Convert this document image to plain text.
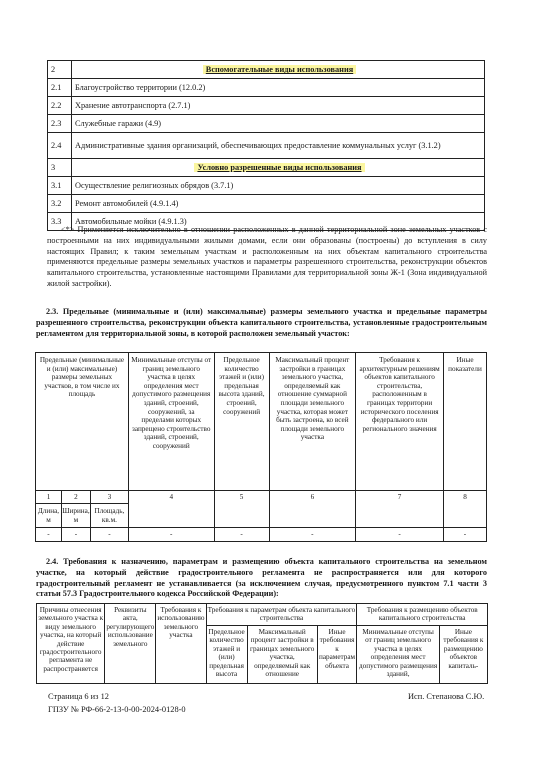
2	Вспомогательные виды использования
2.1	Благоустройство территории (12.0.2)
2.2	Хранение автотранспорта (2.7.1)
2.3	Служебные гаражи (4.9)
2.4	Административные здания организаций, обеспечивающих предоставление коммунальных услуг (3.1.2)
3	Условно разрешенные виды использования
3.1	Осуществление религиозных обрядов (3.7.1)
3.2	Ремонт автомобилей (4.9.1.4)
3.3	Автомобильные мойки (4.9.1.3)
<*> Применяется исключительно в отношении расположенных в данной территориальной зоне земельных участков с построенными на них индивидуальными жилыми домами, если они образованы (построены) до вступления в силу настоящих Правил; к таким земельным участкам и расположенным на них объектам капитального строительства применяются предельные размеры земельных участков и параметры разрешенного строительства, реконструкции объектов капитального строительства, установленные настоящими Правилами для территориальной зоны Ж-1 (Зона индивидуальной жилой застройки).
2.3. Предельные (минимальные и (или) максимальные) размеры земельного участка и предельные параметры разрешенного строительства, реконструкции объекта капитального строительства, установленные градостроительным регламентом для территориальной зоны, в которой расположен земельный участок:
Предельные (минимальные и (или) максимальные) размеры земельных участков, в том числе их площадь			Минимальные отступы от границ земельного участка в целях определения мест допустимого размещения зданий, строений, сооружений, за пределами которых запрещено строительство зданий, строений, сооружений	Предельное количество этажей и (или) предельная высота зданий, строений, сооружений	Максимальный процент застройки в границах земельного участка, определяемый как отношение суммарной площади земельного участка, которая может быть застроена, ко всей площади земельного участка	Требования к архитектурным решениям объектов капитального строительства, расположенным в границах территории исторического поселения федерального или регионального значения	Иные показатели
1	2	3	4	5	6	7	8
Длина, м	Ширина, м	Площадь, кв.м.					
-	-	-	-	-	-	-	-
2.4. Требования к назначению, параметрам и размещению объекта капитального строительства на земельном участке, на который действие градостроительного регламента не распространяется или для которого градостроительный регламент не устанавливается (за исключением случая, предусмотренного пунктом 7.1 части 3 статьи 57.3 Градостроительного кодекса Российской Федерации):
Причины отнесения земельного участка к виду земельного участка, на который действие градостроительного регламента не распространяется	Реквизиты акта, регулирующего использование земельного	Требования к использованию земельного участка	Требования к параметрам объекта капитального строительства			Требования к размещению объектов капитального строительства	
			Предельное количество этажей и (или) предельная высота	Максимальный процент застройки в границах земельного участка, определяемый как отношение	Иные требования к параметрам объекта	Минимальные отступы от границ земельного участка в целях определения мест допустимого размещения зданий,	Иные требования к размещению объектов капиталь-
Страница 6 из 12
ГПЗУ № РФ-66-2-13-0-00-2024-0128-0
Исп. Степанова С.Ю.
